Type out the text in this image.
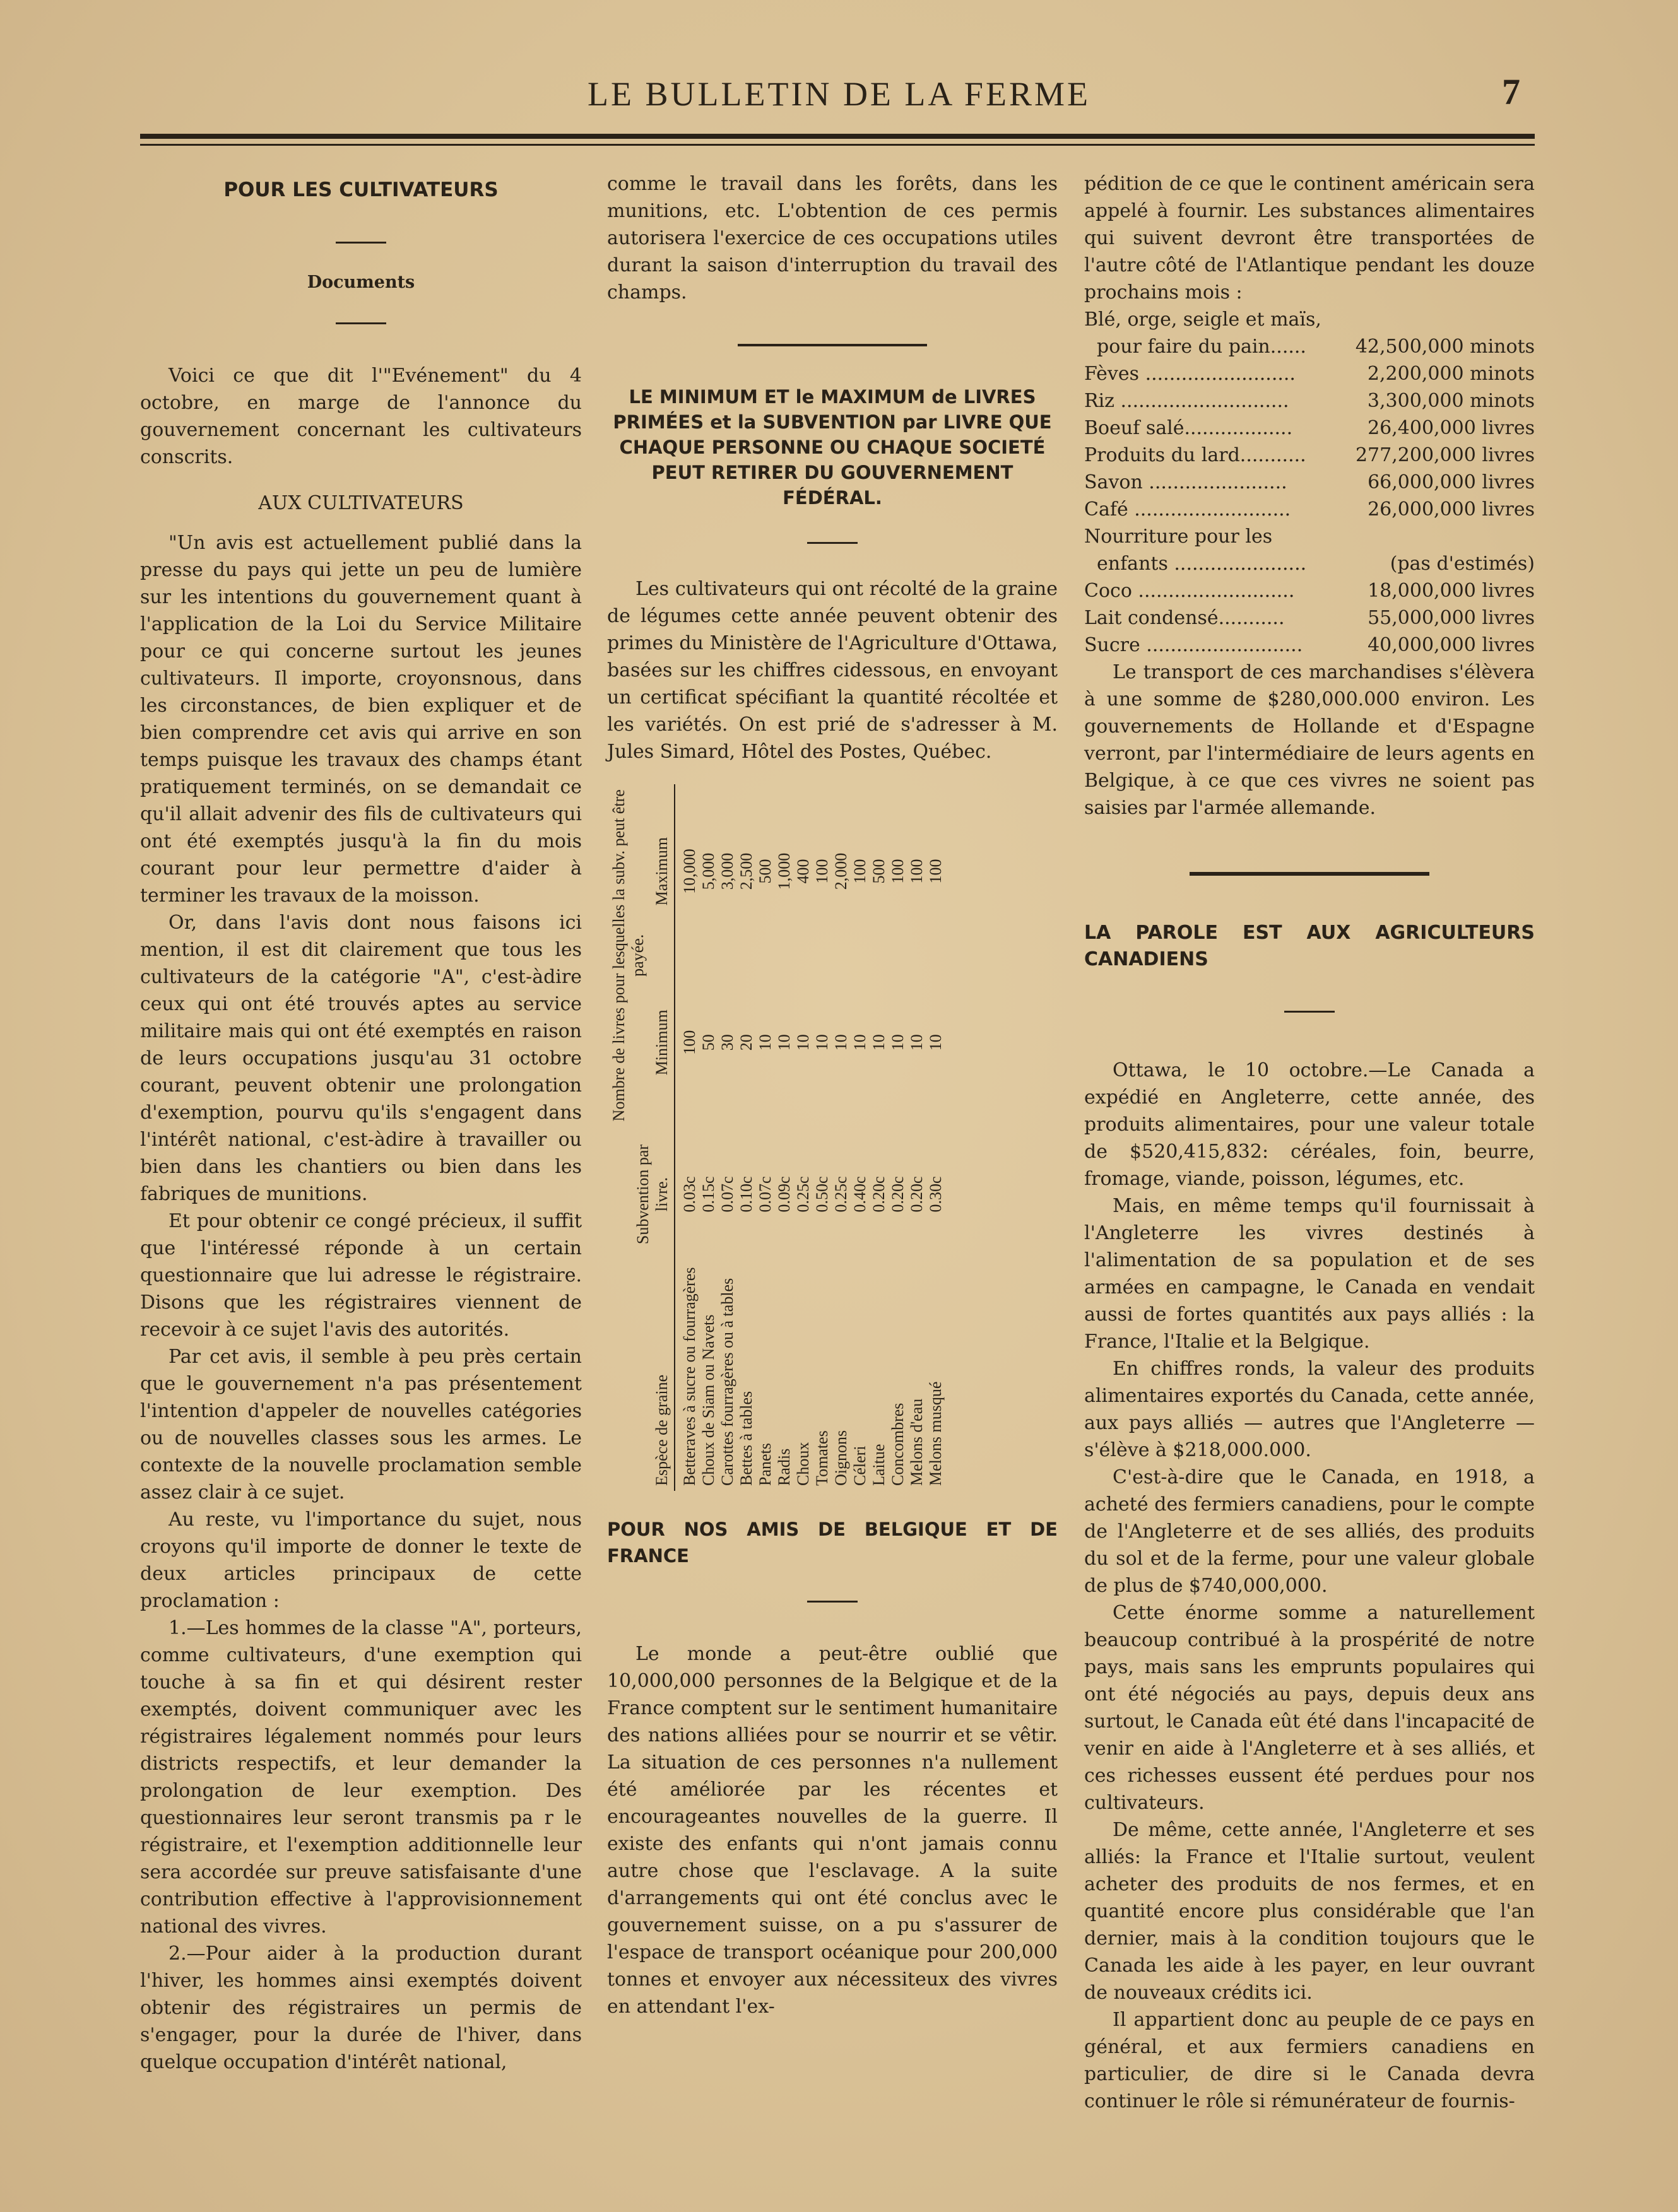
LE BULLETIN DE LA FERME	7
POUR LES CULTIVATEURS
Documents

Voici ce que dit l'"Evénement" du 4 octobre, en marge de l'annonce du gouvernement concernant les cultivateurs conscrits.

AUX CULTIVATEURS

"Un avis est actuellement publié dans la presse du pays qui jette un peu de lumière sur les intentions du gouvernement quant à l'application de la Loi du Service Militaire pour ce qui concerne surtout les jeunes cultivateurs. Il importe, croyonsnous, dans les circonstances, de bien expliquer et de bien comprendre cet avis qui arrive en son temps puisque les travaux des champs étant pratiquement terminés, on se demandait ce qu'il allait advenir des fils de cultivateurs qui ont été exemptés jusqu'à la fin du mois courant pour leur permettre d'aider à terminer les travaux de la moisson.

Or, dans l'avis dont nous faisons ici mention, il est dit clairement que tous les cultivateurs de la catégorie "A", c'est-àdire ceux qui ont été trouvés aptes au service militaire mais qui ont été exemptés en raison de leurs occupations jusqu'au 31 octobre courant, peuvent obtenir une prolongation d'exemption, pourvu qu'ils s'engagent dans l'intérêt national, c'est-àdire à travailler ou bien dans les chantiers ou bien dans les fabriques de munitions.

Et pour obtenir ce congé précieux, il suffit que l'intéressé réponde à un certain questionnaire que lui adresse le régistraire. Disons que les régistraires viennent de recevoir à ce sujet l'avis des autorités.

Par cet avis, il semble à peu près certain que le gouvernement n'a pas présentement l'intention d'appeler de nouvelles catégories ou de nouvelles classes sous les armes. Le contexte de la nouvelle proclamation semble assez clair à ce sujet.

Au reste, vu l'importance du sujet, nous croyons qu'il importe de donner le texte de deux articles principaux de cette proclamation :

1.—Les hommes de la classe "A", porteurs, comme cultivateurs, d'une exemption qui touche à sa fin et qui désirent rester exemptés, doivent communiquer avec les régistraires légalement nommés pour leurs districts respectifs, et leur demander la prolongation de leur exemption. Des questionnaires leur seront transmis pa r le régistraire, et l'exemption additionnelle leur sera accordée sur preuve satisfaisante d'une contribution effective à l'approvisionnement national des vivres.

2.—Pour aider à la production durant l'hiver, les hommes ainsi exemptés doivent obtenir des régistraires un permis de s'engager, pour la durée de l'hiver, dans quelque occupation d'intérêt national,

comme le travail dans les forêts, dans les munitions, etc. L'obtention de ces permis autorisera l'exercice de ces occupations utiles durant la saison d'interruption du travail des champs.

LE MINIMUM ET le MAXIMUM de LIVRES PRIMÉES et la SUBVENTION par LIVRE QUE CHAQUE PERSONNE OU CHAQUE SOCIETÉ PEUT RETIRER DU GOUVERNEMENT FÉDÉRAL.

Les cultivateurs qui ont récolté de la graine de légumes cette année peuvent obtenir des primes du Ministère de l'Agriculture d'Ottawa, basées sur les chiffres cidessous, en envoyant un certificat spécifiant la quantité récoltée et les variétés. On est prié de s'adresser à M. Jules Simard, Hôtel des Postes, Québec.

Espèce de graine	Subvention par livre.	Nombre de livres pour lesquelles la subv. peut être payée.	
		Minimum	Maximum
Betteraves à sucre ou fourragères	0.03c	100	10,000
Choux de Siam ou Navets	0.15c	50	5,000
Carottes fourragères ou à tables	0.07c	30	3,000
Bettes à tables	0.10c	20	2,500
Panets	0.07c	10	500
Radis	0.09c	10	1,000
Choux	0.25c	10	400
Tomates	0.50c	10	100
Oignons	0.25c	10	2,000
Céleri	0.40c	10	100
Laitue	0.20c	10	500
Concombres	0.20c	10	100
Melons d'eau	0.20c	10	100
Melons musqué	0.30c	10	100
POUR NOS AMIS DE BELGIQUE ET DE FRANCE

Le monde a peut-être oublié que 10,000,000 personnes de la Belgique et de la France comptent sur le sentiment humanitaire des nations alliées pour se nourrir et se vêtir. La situation de ces personnes n'a nullement été améliorée par les récentes et encourageantes nouvelles de la guerre. Il existe des enfants qui n'ont jamais connu autre chose que l'esclavage. A la suite d'arrangements qui ont été conclus avec le gouvernement suisse, on a pu s'assurer de l'espace de transport océanique pour 200,000 tonnes et envoyer aux nécessiteux des vivres en attendant l'ex-

pédition de ce que le continent américain sera appelé à fournir. Les substances alimentaires qui suivent devront être transportées de l'autre côté de l'Atlantique pendant les douze prochains mois :

Blé, orge, seigle et maïs,
pour faire du pain......	42,500,000 minots
Fèves .........................	2,200,000 minots
Riz ............................	3,300,000 minots
Boeuf salé..................	26,400,000 livres
Produits du lard...........	277,200,000 livres
Savon .......................	66,000,000 livres
Café ..........................	26,000,000 livres
Nourriture pour les
enfants ......................	(pas d'estimés)
Coco ..........................	18,000,000 livres
Lait condensé...........	55,000,000 livres
Sucre ..........................	40,000,000 livres

Le transport de ces marchandises s'élèvera à une somme de $280,000.000 environ. Les gouvernements de Hollande et d'Espagne verront, par l'intermédiaire de leurs agents en Belgique, à ce que ces vivres ne soient pas saisies par l'armée allemande.

LA PAROLE EST AUX AGRICULTEURS CANADIENS

Ottawa, le 10 octobre.—Le Canada a expédié en Angleterre, cette année, des produits alimentaires, pour une valeur totale de $520,415,832: céréales, foin, beurre, fromage, viande, poisson, légumes, etc.

Mais, en même temps qu'il fournissait à l'Angleterre les vivres destinés à l'alimentation de sa population et de ses armées en campagne, le Canada en vendait aussi de fortes quantités aux pays alliés : la France, l'Italie et la Belgique.

En chiffres ronds, la valeur des produits alimentaires exportés du Canada, cette année, aux pays alliés — autres que l'Angleterre — s'élève à $218,000.000.

C'est-à-dire que le Canada, en 1918, a acheté des fermiers canadiens, pour le compte de l'Angleterre et de ses alliés, des produits du sol et de la ferme, pour une valeur globale de plus de $740,000,000.

Cette énorme somme a naturellement beaucoup contribué à la prospérité de notre pays, mais sans les emprunts populaires qui ont été négociés au pays, depuis deux ans surtout, le Canada eût été dans l'incapacité de venir en aide à l'Angleterre et à ses alliés, et ces richesses eussent été perdues pour nos cultivateurs.

De même, cette année, l'Angleterre et ses alliés: la France et l'Italie surtout, veulent acheter des produits de nos fermes, et en quantité encore plus considérable que l'an dernier, mais à la condition toujours que le Canada les aide à les payer, en leur ouvrant de nouveaux crédits ici.

Il appartient donc au peuple de ce pays en général, et aux fermiers canadiens en particulier, de dire si le Canada devra continuer le rôle si rémunérateur de fournis-
